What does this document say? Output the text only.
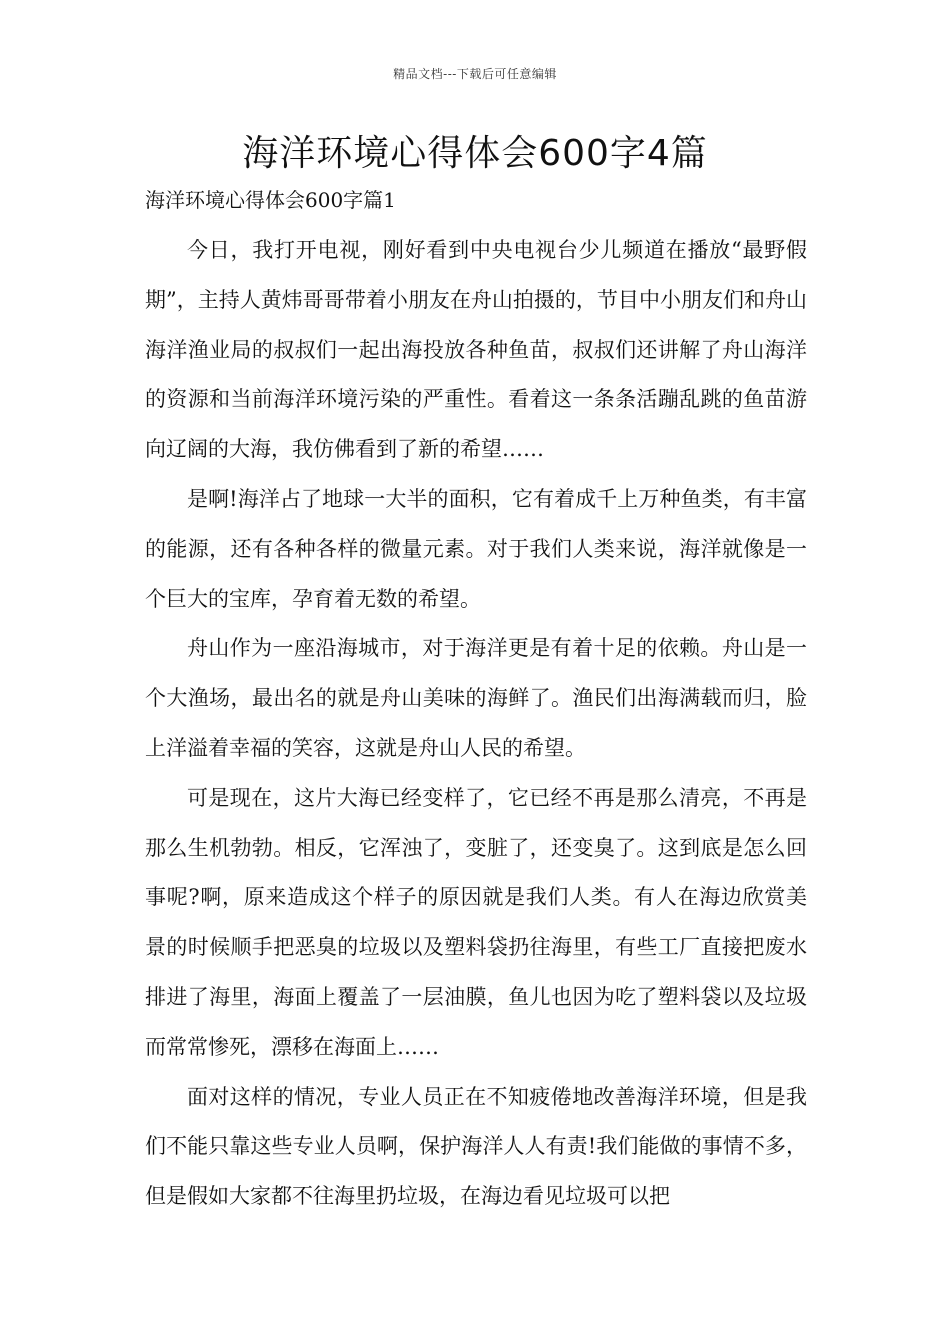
精品文档---下载后可任意编辑
海洋环境心得体会600字4篇
海洋环境心得体会600字篇1

今日，我打开电视，刚好看到中央电视台少儿频道在播放“最野假期”，主持人黄炜哥哥带着小朋友在舟山拍摄的，节目中小朋友们和舟山海洋渔业局的叔叔们一起出海投放各种鱼苗，叔叔们还讲解了舟山海洋的资源和当前海洋环境污染的严重性。看着这一条条活蹦乱跳的鱼苗游向辽阔的大海，我仿佛看到了新的希望……

是啊!海洋占了地球一大半的面积，它有着成千上万种鱼类，有丰富的能源，还有各种各样的微量元素。对于我们人类来说，海洋就像是一个巨大的宝库，孕育着无数的希望。

舟山作为一座沿海城市，对于海洋更是有着十足的依赖。舟山是一个大渔场，最出名的就是舟山美味的海鲜了。渔民们出海满载而归，脸上洋溢着幸福的笑容，这就是舟山人民的希望。

可是现在，这片大海已经变样了，它已经不再是那么清亮，不再是那么生机勃勃。相反，它浑浊了，变脏了，还变臭了。这到底是怎么回事呢?啊，原来造成这个样子的原因就是我们人类。有人在海边欣赏美景的时候顺手把恶臭的垃圾以及塑料袋扔往海里，有些工厂直接把废水排进了海里，海面上覆盖了一层油膜，鱼儿也因为吃了塑料袋以及垃圾而常常惨死，漂移在海面上……

面对这样的情况，专业人员正在不知疲倦地改善海洋环境，但是我们不能只靠这些专业人员啊，保护海洋人人有责!我们能做的事情不多，但是假如大家都不往海里扔垃圾，在海边看见垃圾可以把
